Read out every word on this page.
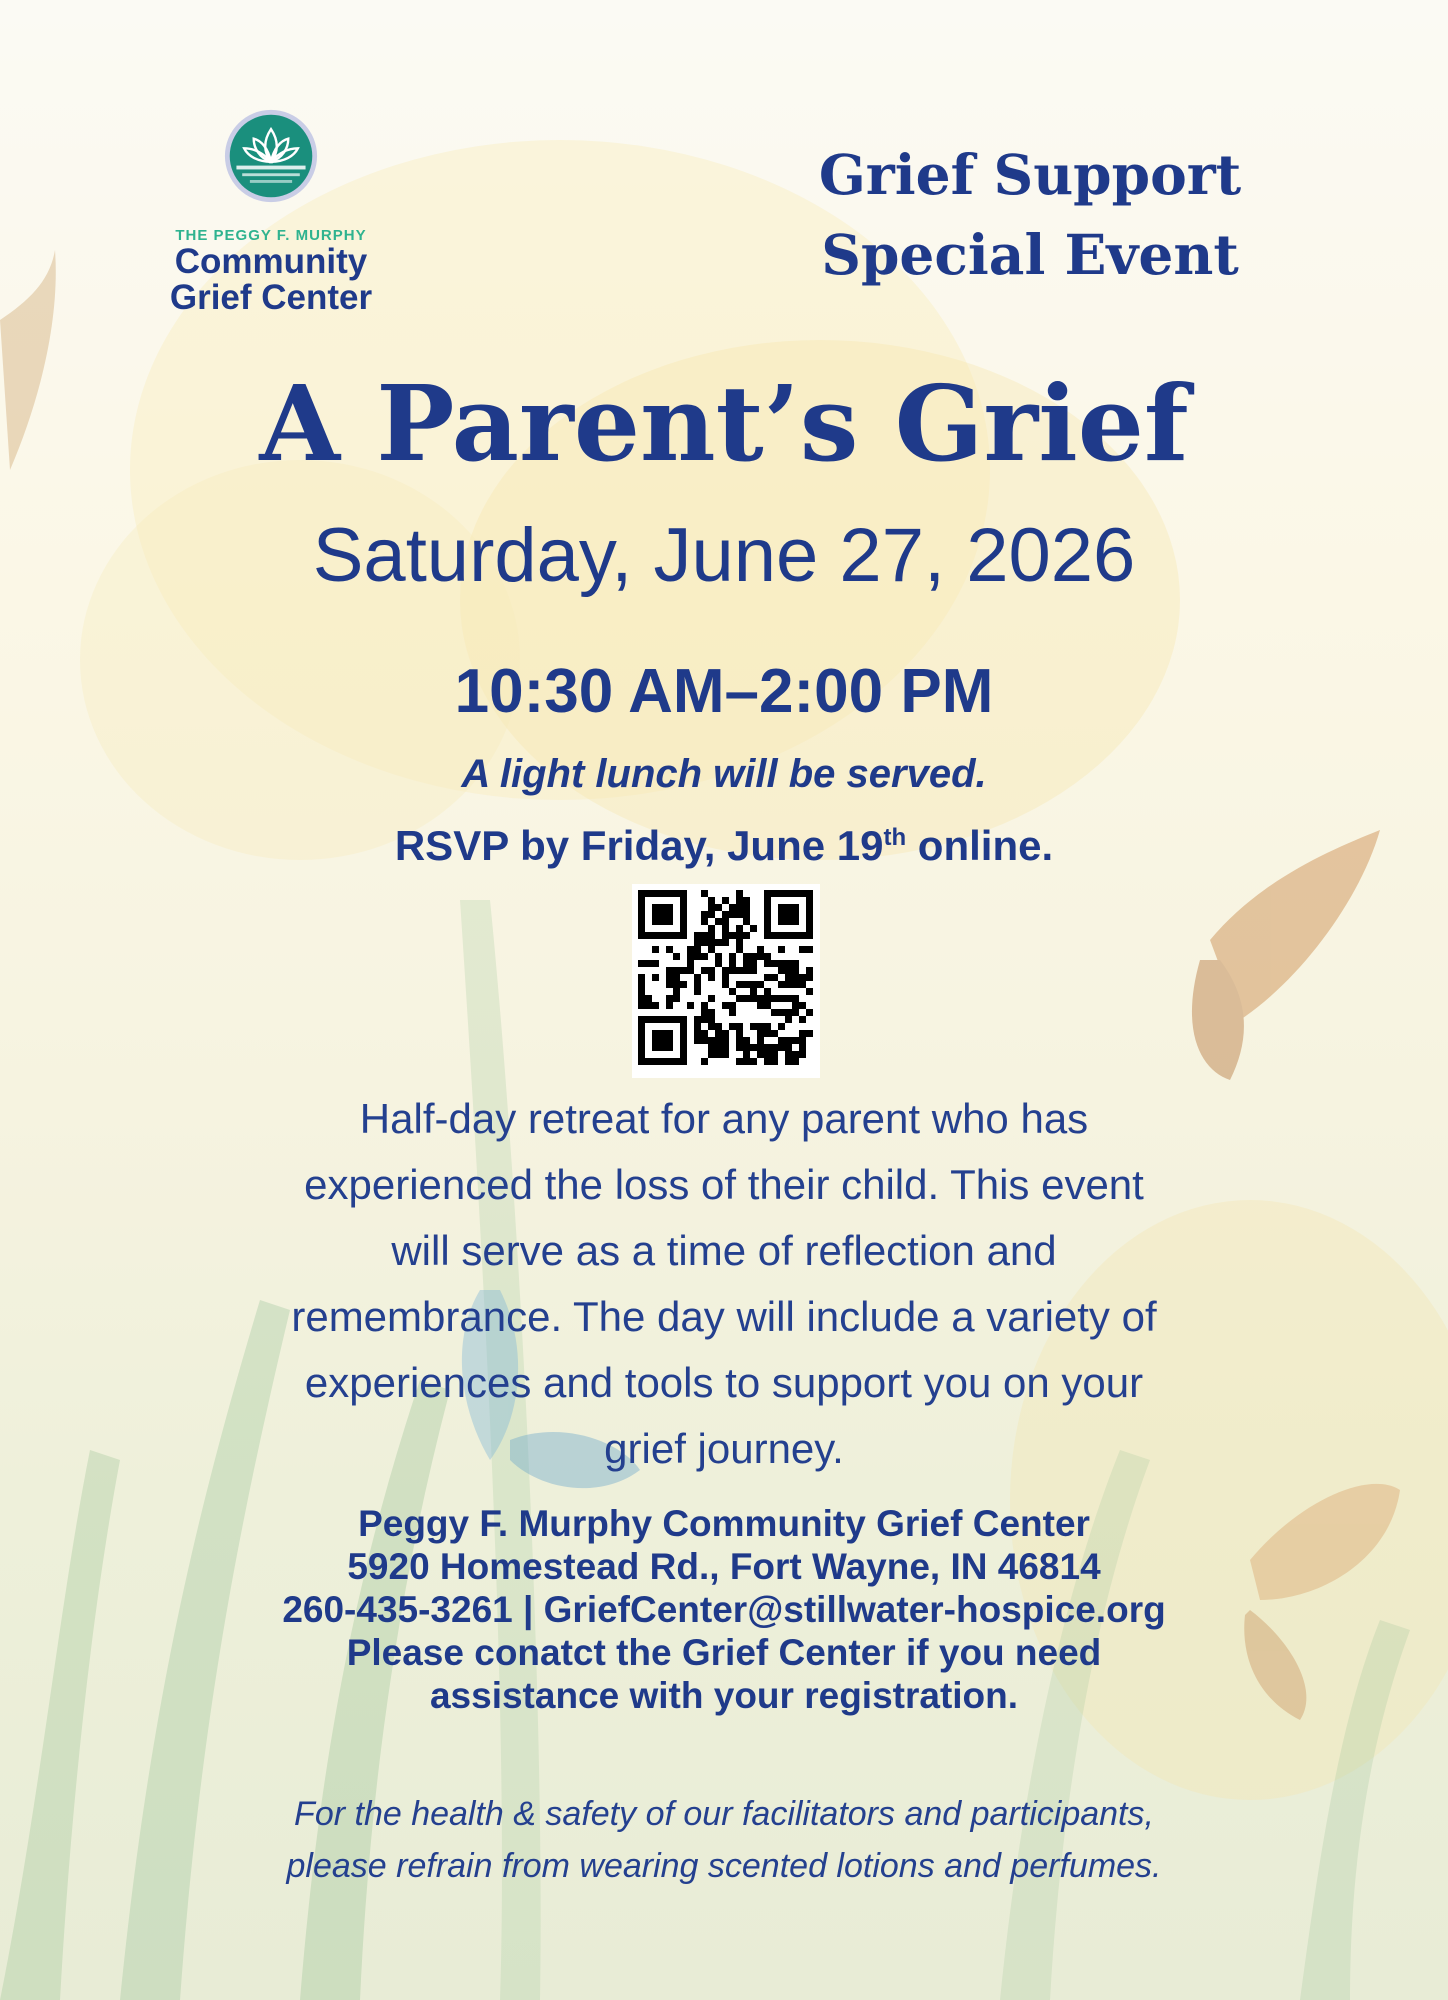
THE PEGGY F. MURPHY
Community
Grief Center
Grief Support
Special Event
A Parent’s Grief
Saturday, June 27, 2026
10:30 AM–2:00 PM
A light lunch will be served.
RSVP by Friday, June 19th online.
Half-day retreat for any parent who has
experienced the loss of their child. This event
will serve as a time of reflection and
remembrance. The day will include a variety of
experiences and tools to support you on your
grief journey.
Peggy F. Murphy Community Grief Center
5920 Homestead Rd., Fort Wayne, IN 46814
260-435-3261 | GriefCenter@stillwater-hospice.org
Please conatct the Grief Center if you need
assistance with your registration.
For the health & safety of our facilitators and participants,
please refrain from wearing scented lotions and perfumes.
